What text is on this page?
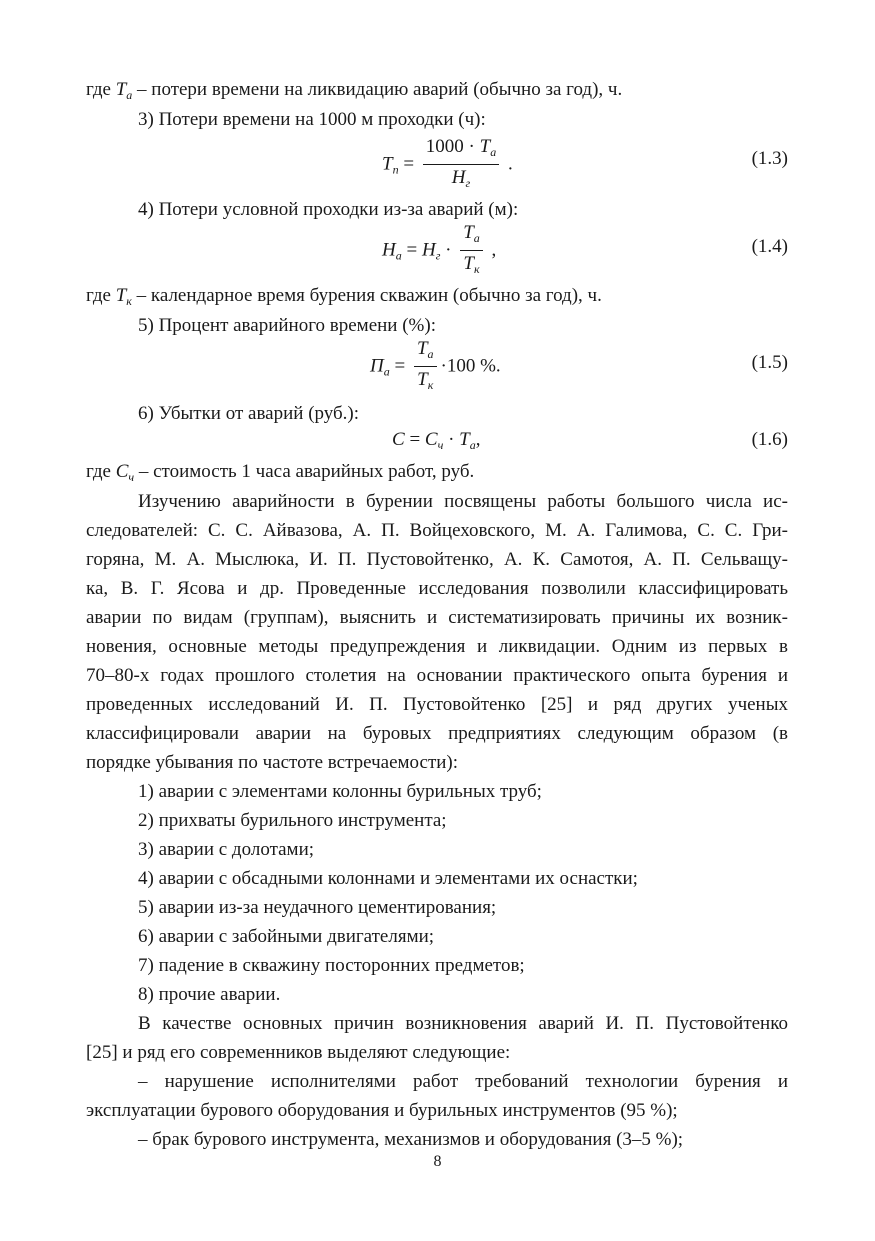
где $T_а$ – потери времени на ликвидацию аварий (обычно за год), ч.
3) Потери времени на 1000 м проходки (ч):
$T_п = \frac{1000 \cdot T_а}{H_г}$ .	(1.3)
4) Потери условной проходки из-за аварий (м):
$H_а = H_г \cdot \frac{T_а}{T_к}$ ,	(1.4)
где $T_к$ – календарное время бурения скважин (обычно за год), ч.
5) Процент аварийного времени (%):
$П_а = \frac{T_а}{T_к} \cdot 100$ %.	(1.5)
6) Убытки от аварий (руб.):
$C = C_ч \cdot T_а$,	(1.6)
где $C_ч$ – стоимость 1 часа аварийных работ, руб.
Изучению аварийности в бурении посвящены работы большого числа ис-
следователей: С. С. Айвазова, А. П. Войцеховского, М. А. Галимова, С. С. Гри-
горяна, М. А. Мыслюка, И. П. Пустовойтенко, А. К. Самотоя, А. П. Сельващу-
ка, В. Г. Ясова и др. Проведенные исследования позволили классифицировать
аварии по видам (группам), выяснить и систематизировать причины их возник-
новения, основные методы предупреждения и ликвидации. Одним из первых в
70–80-х годах прошлого столетия на основании практического опыта бурения и
проведенных исследований И. П. Пустовойтенко [25] и ряд других ученых
классифицировали аварии на буровых предприятиях следующим образом (в
порядке убывания по частоте встречаемости):
1) аварии с элементами колонны бурильных труб;
2) прихваты бурильного инструмента;
3) аварии с долотами;
4) аварии с обсадными колоннами и элементами их оснастки;
5) аварии из-за неудачного цементирования;
6) аварии с забойными двигателями;
7) падение в скважину посторонних предметов;
8) прочие аварии.
В качестве основных причин возникновения аварий И. П. Пустовойтенко
[25] и ряд его современников выделяют следующие:
– нарушение исполнителями работ требований технологии бурения и
эксплуатации бурового оборудования и бурильных инструментов (95 %);
– брак бурового инструмента, механизмов и оборудования (3–5 %);
8
